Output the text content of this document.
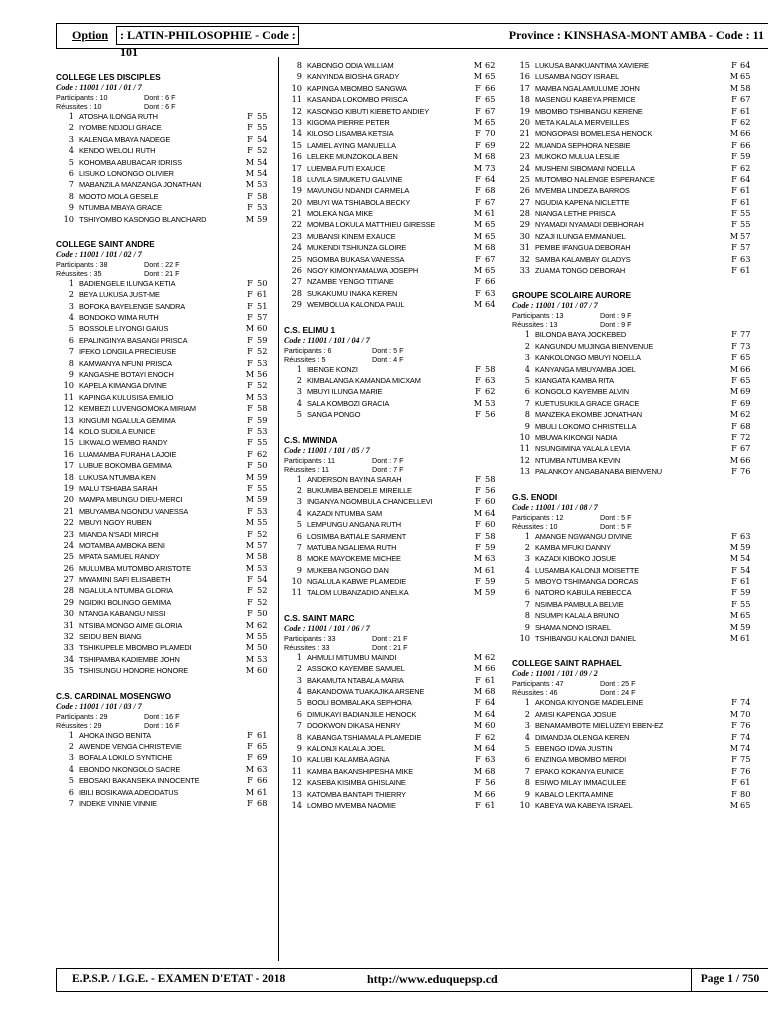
Option : LATIN-PHILOSOPHIE - Code : 101
Province : KINSHASA-MONT AMBA - Code : 11
COLLEGE LES DISCIPLES
Code : 11001 / 101 / 01 / 7
Participants : 10	Dont : 6 F
Réussites : 10	Dont : 6 F
1 ATOSHA ILONGA RUTH	F 55
2 IYOMBE NDJOLI GRACE	F 55
3 KALENGA MBAYA NADEGE	F 54
4 KENDO WELOLI RUTH	F 52
5 KOHOMBA ABUBACAR IDRISS	M 54
6 LISUKO LONONGO OLIVIER	M 54
7 MABANZILA MANZANGA JONATHAN	M 53
8 MOOTO MOLA GESELE	F 58
9 NTUMBA MBAYA GRACE	F 53
10 TSHIYOMBO KASONGO BLANCHARD	M 59
COLLEGE SAINT ANDRE
Code : 11001 / 101 / 02 / 7
Participants : 38	Dont : 22 F
Réussites : 35	Dont : 21 F
1 BADIENGELE ILUNGA KETIA	F 50
2 BEYA LUKUSA JUST-ME	F 61
3 BOFOKA BAYELENGE SANDRA	F 51
4 BONDOKO WIMA RUTH	F 57
5 BOSSOLE LIYONGI GAIUS	M 60
6 EPALINGINYA BASANGI PRISCA	F 59
7 IFEKO LONGILA PRECIEUSE	F 52
8 KAMWANYA NFUNI PRISCA	F 53
9 KANGASHE BOTAYI ENOCH	M 56
10 KAPELA KIMANGA DIVINE	F 52
11 KAPINGA KULUSISA EMILIO	M 53
12 KEMBEZI LUVENGOMOKA MIRIAM	F 58
13 KINGUMI NGALULA GEMIMA	F 59
14 KOLO SUDILA EUNICE	F 53
15 LIKWALO WEMBO RANDY	F 55
16 LUAMAMBA FURAHA LAJOIE	F 62
17 LUBUE BOKOMBA GEMIMA	F 50
18 LUKUSA NTUMBA KEN	M 59
19 MALU TSHIABA SARAH	F 55
20 MAMPA MBUNGU DIEU-MERCI	M 59
21 MBUYAMBA NGONDU VANESSA	F 53
22 MBUYI NGOY RUBEN	M 55
23 MIANDA N'SADI MIRCHI	F 52
24 MOTAMBA AMBOKA BENI	M 57
25 MPATA SAMUEL RANDY	M 58
26 MULUMBA MUTOMBO ARISTOTE	M 53
27 MWAMINI SAFI ELISABETH	F 54
28 NGALULA NTUMBA GLORIA	F 52
29 NGIDIKI BOLINGO GEMIMA	F 52
30 NTANGA KABANGU NISSI	F 50
31 NTSIBA MONGO AIME GLORIA	M 62
32 SEIDU BEN BIANG	M 55
33 TSHIKUPELE MBOMBO PLAMEDI	M 50
34 TSHIPAMBA KADIEMBE JOHN	M 53
35 TSHISUNGU HONORE HONORE	M 60
C.S. CARDINAL MOSENGWO
Code : 11001 / 101 / 03 / 7
Participants : 29	Dont : 16 F
Réussites : 29	Dont : 16 F
1 AHOKA INGO BENITA	F 61
2 AWENDE VENGA CHRISTEVIE	F 65
3 BOFALA LOKILO SYNTICHE	F 69
4 EBONDO NKONGOLO SACRE	M 63
5 EBOSAKI BAKANSEKA INNOCENTE	F 66
6 IBILI BOSIKAWA ADEODATUS	M 61
7 INDEKE VINNIE VINNIE	F 68
8 KABONGO ODIA WILLIAM	M 62
9 KANYINDA BIOSHA GRADY	M 65
10 KAPINGA MBOMBO SANGWA	F 66
11 KASANDA LOKOMBO PRISCA	F 65
12 KASONGO KIBUTI KIEBETO ANDIEY	F 67
13 KIGOMA PIERRE PETER	M 65
14 KILOSO LISAMBA KETSIA	F 70
15 LAMIEL AYING MANUELLA	F 69
16 LELEKE MUNZOKOLA BEN	M 68
17 LUEMBA FUTI EXAUCE	M 73
18 LUVILA SIMUKETU GALVINE	F 64
19 MAVUNGU NDANDI CARMELA	F 68
20 MBUYI WA TSHIABOLA BECKY	F 67
21 MOLEKA NGA MIKE	M 61
22 MOMBA LOKULA MATTHIEU GIRESSE	M 65
23 MUBANSI KINEM EXAUCE	M 65
24 MUKENDI TSHIUNZA GLOIRE	M 68
25 NGOMBA BUKASA VANESSA	F 67
26 NGOY KIMONYAMALWA JOSEPH	M 65
27 NZAMBE YENGO TITIANE	F 66
28 SUKAKUMU INAKA KEREN	F 63
29 WEMBOLUA KALONDA PAUL	M 64
C.S. ELIMU 1
Code : 11001 / 101 / 04 / 7
Participants : 6	Dont : 5 F
Réussites : 5	Dont : 4 F
1 IBENGE KONZI	F 58
2 KIMBALANGA KAMANDA MICXAM	F 63
3 MBUYI ILUNGA MARIE	F 62
4 SALA KOMBOZI GRACIA	M 53
5 SANGA PONGO	F 56
C.S. MWINDA
Code : 11001 / 101 / 05 / 7
Participants : 11	Dont : 7 F
Réussites : 11	Dont : 7 F
1 ANDERSON BAYINA SARAH	F 58
2 BUKUMBA BENDELE MIREILLE	F 56
3 INGANYA NGOMBULA CHANCELLEVI	F 60
4 KAZADI NTUMBA SAM	M 64
5 LEMPUNGU ANGANA RUTH	F 60
6 LOSIMBA BATIALE SARMENT	F 58
7 MATUBA NGALIEMA RUTH	F 59
8 MOKE MAYOKEME MICHEE	M 63
9 MUKEBA NGONGO DAN	M 61
10 NGALULA KABWE PLAMEDIE	F 59
11 TALOM LUBANZADIO ANELKA	M 59
C.S. SAINT MARC
Code : 11001 / 101 / 06 / 7
Participants : 33	Dont : 21 F
Réussites : 33	Dont : 21 F
1 AHMULI MITUMBU MAINDI	M 62
2 ASSOKO KAYEMBE SAMUEL	M 66
3 BAKAMUTA NTABALA MARIA	F 61
4 BAKANDOWA TUAKAJIKA ARSENE	M 68
5 BOOLI BOMBALAKA SEPHORA	F 64
6 DIMUKAYI BADIANJILE HENOCK	M 64
7 DOOKWON DIKASA HENRY	M 60
8 KABANGA TSHIAMALA PLAMEDIE	F 62
9 KALONJI KALALA JOEL	M 64
10 KALUBI KALAMBA AGNA	F 63
11 KAMBA BAKANSHIPESHA MIKE	M 68
12 KASEBA KISIMBA GHISLAINE	F 56
13 KATOMBA BANTAPI THIERRY	M 66
14 LOMBO MVEMBA NAOMIE	F 61
15 LUKUSA BANKUANTIMA XAVIERE	F 64
16 LUSAMBA NGOY ISRAEL	M 65
17 MAMBA NGALAMULUME JOHN	M 58
18 MASENGU KABEYA PREMICE	F 67
19 MBOMBO TSHIBANGU KERENE	F 61
20 META KALALA MERVEILLES	F 62
21 MONGOPASI BOMELESA HENOCK	M 66
22 MUANDA SEPHORA NESBIE	F 66
23 MUKOKO MULUA LESLIE	F 59
24 MUSHENI SIBOMANI NOELLA	F 62
25 MUTOMBO NALENGE ESPERANCE	F 64
26 MVEMBA LINDEZA BARROS	F 61
27 NGUDIA KAPENA NICLETTE	F 61
28 NIANGA LETHE PRISCA	F 55
29 NYAMADI NYAMADI DEBHORAH	F 55
30 NZAJI ILUNGA EMMANUEL	M 57
31 PEMBE IFANGUA DEBORAH	F 57
32 SAMBA KALAMBAY GLADYS	F 63
33 ZUAMA TONGO DEBORAH	F 61
GROUPE SCOLAIRE AURORE
Code : 11001 / 101 / 07 / 7
Participants : 13	Dont : 9 F
Réussites : 13	Dont : 9 F
1 BILONDA BAYA JOCKEBED	F 77
2 KANGUNDU MUJINGA BIENVENUE	F 73
3 KANKOLONGO MBUYI NOELLA	F 65
4 KANYANGA MBUYAMBA JOEL	M 66
5 KIANGATA KAMBA RITA	F 65
6 KONGOLO KAYEMBE ALVIN	M 69
7 KUETUSUKILA GRACE GRACE	F 69
8 MANZEKA EKOMBE JONATHAN	M 62
9 MBULI LOKOMO CHRISTELLA	F 68
10 MBUWA KIKONGI NADIA	F 72
11 NSUNGIMINA YALALA LEVIA	F 67
12 NTUMBA NTUMBA KEVIN	M 66
13 PALANKOY ANGABANABA BIENVENU	F 76
G.S. ENODI
Code : 11001 / 101 / 08 / 7
Participants : 12	Dont : 5 F
Réussites : 10	Dont : 5 F
1 AMANGE NGWANGU DIVINE	F 63
2 KAMBA MFUKI DANNY	M 59
3 KAZADI KIBOKO JOSUE	M 54
4 LUSAMBA KALONJI MOISETTE	F 54
5 MBOYO TSHIMANGA DORCAS	F 61
6 NATORO KABULA REBECCA	F 59
7 NSIMBA PAMBULA BELVIE	F 55
8 NSUMPI KALALA BRUNO	M 65
9 SHAMA NONO ISRAEL	M 59
10 TSHIBANGU KALONJI DANIEL	M 61
COLLEGE SAINT RAPHAEL
Code : 11001 / 101 / 09 / 2
Participants : 47	Dont : 25 F
Réussites : 46	Dont : 24 F
1 AKONGA KIYONGE MADELEINE	F 74
2 AMISI KAPENGA JOSUE	M 70
3 BENAMAMBOTE MIELUZEYI EBEN-EZ	F 76
4 DIMANDJA OLENGA KEREN	F 74
5 EBENGO IDWA JUSTIN	M 74
6 ENZINGA MBOMBO MERDI	F 75
7 EPAKO KOKANYA EUNICE	F 76
8 ESIWO MILAY IMMACULEE	F 61
9 KABALO LEKITA AMINE	F 80
10 KABEYA WA KABEYA ISRAEL	M 65
E.P.S.P. / I.G.E. - EXAMEN D'ETAT - 2018	http://www.eduquepsp.cd	Page 1 / 750
